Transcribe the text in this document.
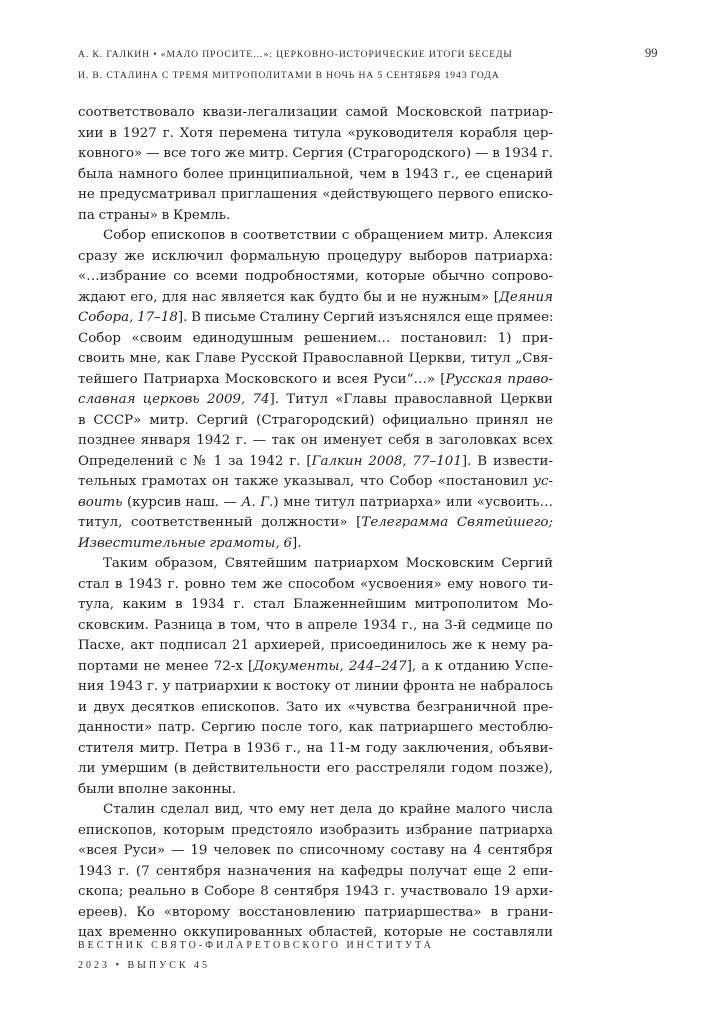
А. К. ГАЛКИН • «МАЛО ПРОСИТЕ…»: ЦЕРКОВНО-ИСТОРИЧЕСКИЕ ИТОГИ БЕСЕДЫ
И. В. СТАЛИНА С ТРЕМЯ МИТРОПОЛИТАМИ В НОЧЬ НА 5 СЕНТЯБРЯ 1943 ГОДА
99
соответствовало квази-легализации самой Московской патриар-
хии в 1927 г. Хотя перемена титула «руководителя корабля цер-
ковного» — все того же митр. Сергия (Страгородского) — в 1934 г.
была намного более принципиальной, чем в 1943 г., ее сценарий
не предусматривал приглашения «действующего первого еписко-
па страны» в Кремль.
Собор епископов в соответствии с обращением митр. Алексия
сразу же исключил формальную процедуру выборов патриарха:
«…избрание со всеми подробностями, которые обычно сопрово-
ждают его, для нас является как будто бы и не нужным» [Деяния
Собора, 17–18]. В письме Сталину Сергий изъяснялся еще прямее:
Собор «своим единодушным решением… постановил: 1) при-
своить мне, как Главе Русской Православной Церкви, титул „Свя-
тейшего Патриарха Московского и всея Руси“…» [Русская право-
славная церковь 2009, 74]. Титул «Главы православной Церкви
в СССР» митр. Сергий (Страгородский) официально принял не
позднее января 1942 г. — так он именует себя в заголовках всех
Определений с № 1 за 1942 г. [Галкин 2008, 77–101]. В извести-
тельных грамотах он также указывал, что Собор «постановил ус-
воить (курсив наш. — А. Г.) мне титул патриарха» или «усвоить…
титул, соответственный должности» [Телеграмма Святейшего;
Известительные грамоты, 6].
Таким образом, Святейшим патриархом Московским Сергий
стал в 1943 г. ровно тем же способом «усвоения» ему нового ти-
тула, каким в 1934 г. стал Блаженнейшим митрополитом Мо-
сковским. Разница в том, что в апреле 1934 г., на 3-й седмице по
Пасхе, акт подписал 21 архиерей, присоединилось же к нему ра-
портами не менее 72-х [Документы, 244–247], а к отданию Успе-
ния 1943 г. у патриархии к востоку от линии фронта не набралось
и двух десятков епископов. Зато их «чувства безграничной пре-
данности» патр. Сергию после того, как патриаршего местоблю-
стителя митр. Петра в 1936 г., на 11-м году заключения, объяви-
ли умершим (в действительности его расстреляли годом позже),
были вполне законны.
Сталин сделал вид, что ему нет дела до крайне малого числа
епископов, которым предстояло изобразить избрание патриарха
«всея Руси» — 19 человек по списочному составу на 4 сентября
1943 г. (7 сентября назначения на кафедры получат еще 2 епи-
скопа; реально в Соборе 8 сентября 1943 г. участвовало 19 архи-
ереев). Ко «второму восстановлению патриаршества» в грани-
цах временно оккупированных областей, которые не составляли
ВЕСТНИК СВЯТО-ФИЛАРЕТОВСКОГО ИНСТИТУТА
2023 • ВЫПУСК 45
